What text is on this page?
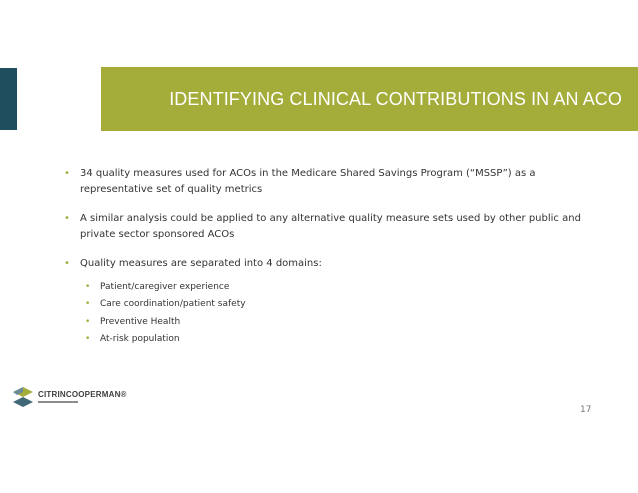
IDENTIFYING CLINICAL CONTRIBUTIONS IN AN ACO
• 34 quality measures used for ACOs in the Medicare Shared Savings Program (“MSSP”) as a representative set of quality metrics
• A similar analysis could be applied to any alternative quality measure sets used by other public and private sector sponsored ACOs
• Quality measures are separated into 4 domains:
• Patient/caregiver experience
• Care coordination/patient safety
• Preventive Health
• At-risk population
CITRINCOOPERMAN®
17
